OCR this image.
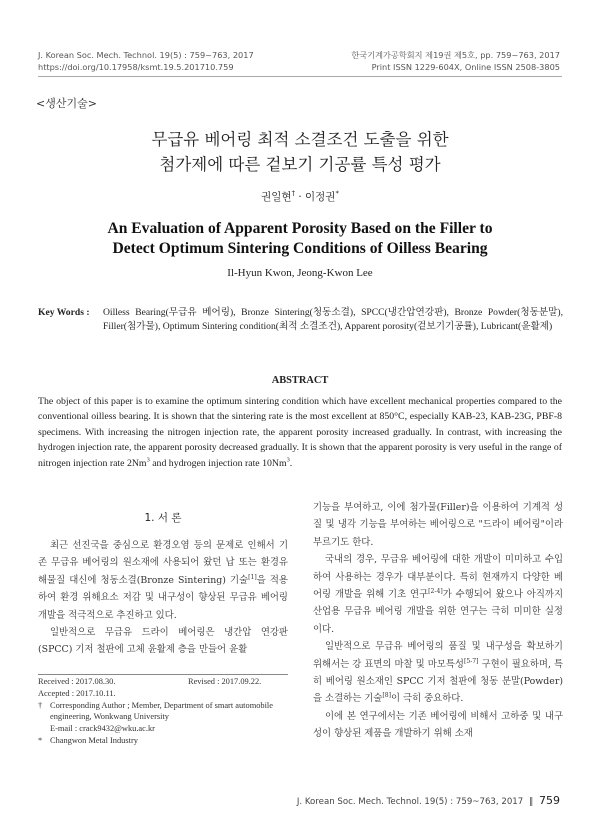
J. Korean Soc. Mech. Technol. 19(5) : 759~763, 2017
https://doi.org/10.17958/ksmt.19.5.201710.759
한국기계가공학회지 제19권 제5호, pp. 759~763, 2017
Print ISSN 1229-604X, Online ISSN 2508-3805
<생산기술>
무급유 베어링 최적 소결조건 도출을 위한
첨가제에 따른 겉보기 기공률 특성 평가
권일현† · 이정권*
An Evaluation of Apparent Porosity Based on the Filler to
Detect Optimum Sintering Conditions of Oilless Bearing
Il-Hyun Kwon, Jeong-Kwon Lee
Key Words :	Oilless Bearing(무급유 베어링), Bronze Sintering(청동소결), SPCC(냉간압연강판), Bronze Powder(청동분말), Filler(첨가물), Optimum Sintering condition(최적 소결조건), Apparent porosity(겉보기기공률), Lubricant(윤활제)
ABSTRACT
The object of this paper is to examine the optimum sintering condition which have excellent mechanical properties compared to the conventional oilless bearing. It is shown that the sintering rate is the most excellent at 850°C, especially KAB-23, KAB-23G, PBF-8 specimens. With increasing the nitrogen injection rate, the apparent porosity increased gradually. In contrast, with increasing the hydrogen injection rate, the apparent porosity decreased gradually. It is shown that the apparent porosity is very useful in the range of nitrogen injection rate 2Nm$^3$ and hydrogen injection rate 10Nm$^3$.
1. 서 론

최근 선진국을 중심으로 환경오염 등의 문제로 인해서 기존 무급유 베어링의 원소재에 사용되어 왔던 납 또는 환경유해물질 대신에 청동소결(Bronze Sintering) 기술[1]을 적용하여 환경 위해요소 저감 및 내구성이 향상된 무급유 베어링 개발을 적극적으로 추진하고 있다.

일반적으로 무급유 드라이 베어링은 냉간압 연강판(SPCC) 기저 철판에 고체 윤활제 층을 만들어 윤활

Received : 2017.08.30.	Revised : 2017.09.22.
Accepted : 2017.10.11.
† Corresponding Author ; Member, Department of smart automobile engineering, Wonkwang University
E-mail : crack9432@wku.ac.kr
* Changwon Metal Industry

기능을 부여하고, 이에 첨가물(Filler)을 이용하여 기계적 성질 및 냉각 기능을 부여하는 베어링으로 "드라이 베어링"이라 부르기도 한다.

국내의 경우, 무급유 베어링에 대한 개발이 미미하고 수입하여 사용하는 경우가 대부분이다. 특히 현재까지 다양한 베어링 개발을 위해 기초 연구[2-4]가 수행되어 왔으나 아직까지 산업용 무급유 베어링 개발을 위한 연구는 극히 미미한 실정이다.

일반적으로 무급유 베어링의 품질 및 내구성을 확보하기 위해서는 강 표면의 마찰 및 마모특성[5-7] 구현이 필요하며, 특히 베어링 원소재인 SPCC 기저 철판에 청동 분말(Powder)을 소결하는 기술[8]이 극히 중요하다.

이에 본 연구에서는 기존 베어링에 비해서 고하중 및 내구성이 향상된 제품을 개발하기 위해 소재

J. Korean Soc. Mech. Technol. 19(5) : 759~763, 2017 ‖ 759
